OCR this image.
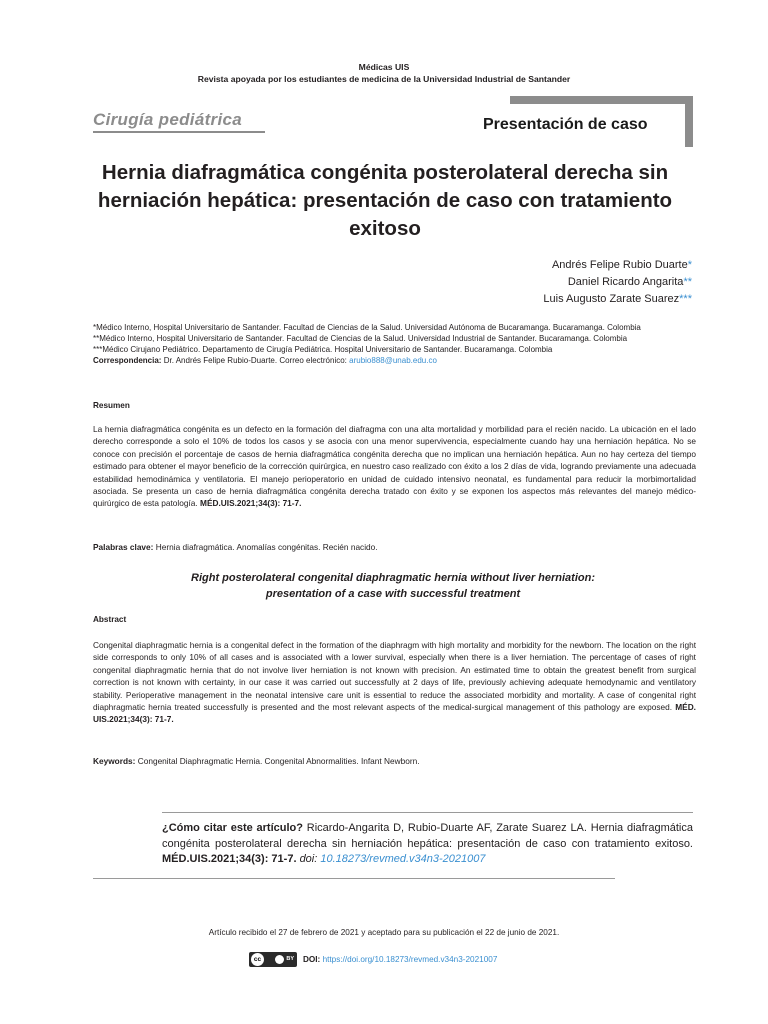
Médicas UIS
Revista apoyada por los estudiantes de medicina de la Universidad Industrial de Santander
Cirugía pediátrica	Presentación de caso
Hernia diafragmática congénita posterolateral derecha sin herniación hepática: presentación de caso con tratamiento exitoso
Andrés Felipe Rubio Duarte*
Daniel Ricardo Angarita**
Luis Augusto Zarate Suarez***
*Médico Interno, Hospital Universitario de Santander. Facultad de Ciencias de la Salud. Universidad Autónoma de Bucaramanga. Bucaramanga. Colombia
**Médico Interno, Hospital Universitario de Santander. Facultad de Ciencias de la Salud. Universidad Industrial de Santander. Bucaramanga. Colombia
***Médico Cirujano Pediátrico. Departamento de Cirugía Pediátrica. Hospital Universitario de Santander. Bucaramanga. Colombia
Correspondencia: Dr. Andrés Felipe Rubio-Duarte. Correo electrónico: arubio888@unab.edu.co
Resumen
La hernia diafragmática congénita es un defecto en la formación del diafragma con una alta mortalidad y morbilidad para el recién nacido. La ubicación en el lado derecho corresponde a solo el 10% de todos los casos y se asocia con una menor supervivencia, especialmente cuando hay una herniación hepática. No se conoce con precisión el porcentaje de casos de hernia diafragmática congénita derecha que no implican una herniación hepática. Aun no hay certeza del tiempo estimado para obtener el mayor beneficio de la corrección quirúrgica, en nuestro caso realizado con éxito a los 2 días de vida, logrando previamente una adecuada estabilidad hemodinámica y ventilatoria. El manejo perioperatorio en unidad de cuidado intensivo neonatal, es fundamental para reducir la morbimortalidad asociada. Se presenta un caso de hernia diafragmática congénita derecha tratado con éxito y se exponen los aspectos más relevantes del manejo médico-quirúrgico de esta patología. MÉD.UIS.2021;34(3): 71-7.
Palabras clave: Hernia diafragmática. Anomalías congénitas. Recién nacido.
Right posterolateral congenital diaphragmatic hernia without liver herniation:
presentation of a case with successful treatment
Abstract
Congenital diaphragmatic hernia is a congenital defect in the formation of the diaphragm with high mortality and morbidity for the newborn. The location on the right side corresponds to only 10% of all cases and is associated with a lower survival, especially when there is a liver herniation. The percentage of cases of right congenital diaphragmatic hernia that do not involve liver herniation is not known with precision. An estimated time to obtain the greatest benefit from surgical correction is not known with certainty, in our case it was carried out successfully at 2 days of life, previously achieving adequate hemodynamic and ventilatory stability. Perioperative management in the neonatal intensive care unit is essential to reduce the associated morbidity and mortality. A case of congenital right diaphragmatic hernia treated successfully is presented and the most relevant aspects of the medical-surgical management of this pathology are exposed. MÉD. UIS.2021;34(3): 71-7.
Keywords: Congenital Diaphragmatic Hernia. Congenital Abnormalities. Infant Newborn.
¿Cómo citar este artículo? Ricardo-Angarita D, Rubio-Duarte AF, Zarate Suarez LA. Hernia diafragmática congénita posterolateral derecha sin herniación hepática: presentación de caso con tratamiento exitoso. MÉD.UIS.2021;34(3): 71-7. doi: 10.18273/revmed.v34n3-2021007
Artículo recibido el 27 de febrero de 2021 y aceptado para su publicación el 22 de junio de 2021.
cc	BY DOI:
https://doi.org/10.18273/revmed.v34n3-2021007
